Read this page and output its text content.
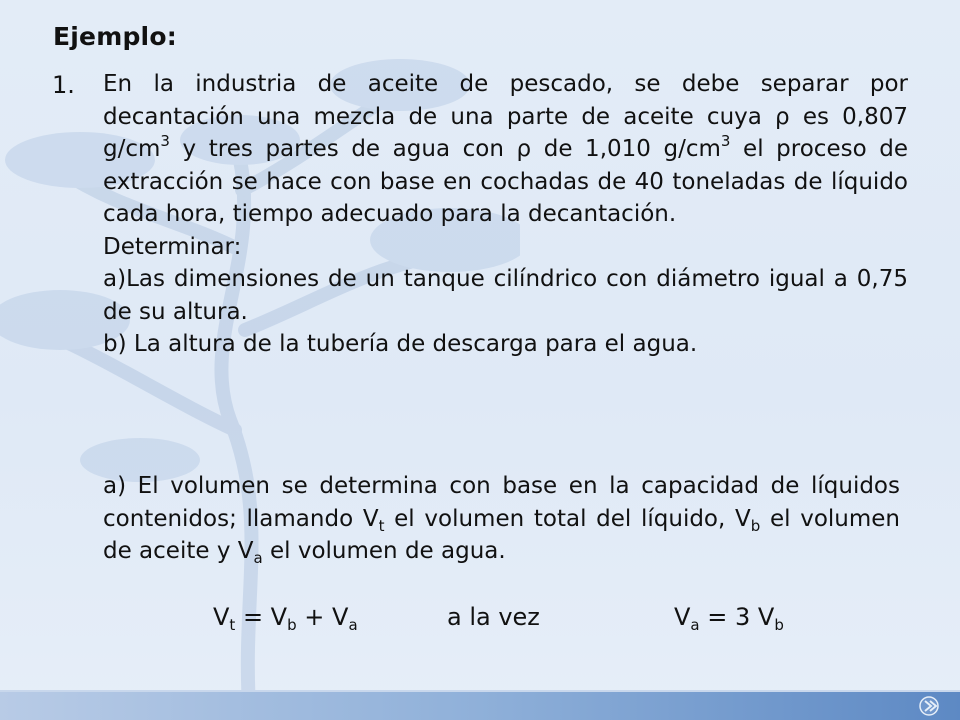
Ejemplo:
1. En la industria de aceite de pescado, se debe separar por decantación una mezcla de una parte de aceite cuya ρ es 0,807 $g/cm^3$ y tres partes de agua con ρ de 1,010 $g/cm^3$ el proceso de extracción se hace con base en cochadas de 40 toneladas de líquido cada hora, tiempo adecuado para la decantación.

Determinar:

a)Las dimensiones de un tanque cilíndrico con diámetro igual a 0,75 de su altura.

b) La altura de la tubería de descarga para el agua.

a) El volumen se determina con base en la capacidad de líquidos contenidos; llamando $V_t$ el volumen total del líquido, $V_b$ el volumen de aceite y $V_a$ el volumen de agua.
$V_t = V_b + V_a$	a la vez	$V_a = 3$ $V_b$
